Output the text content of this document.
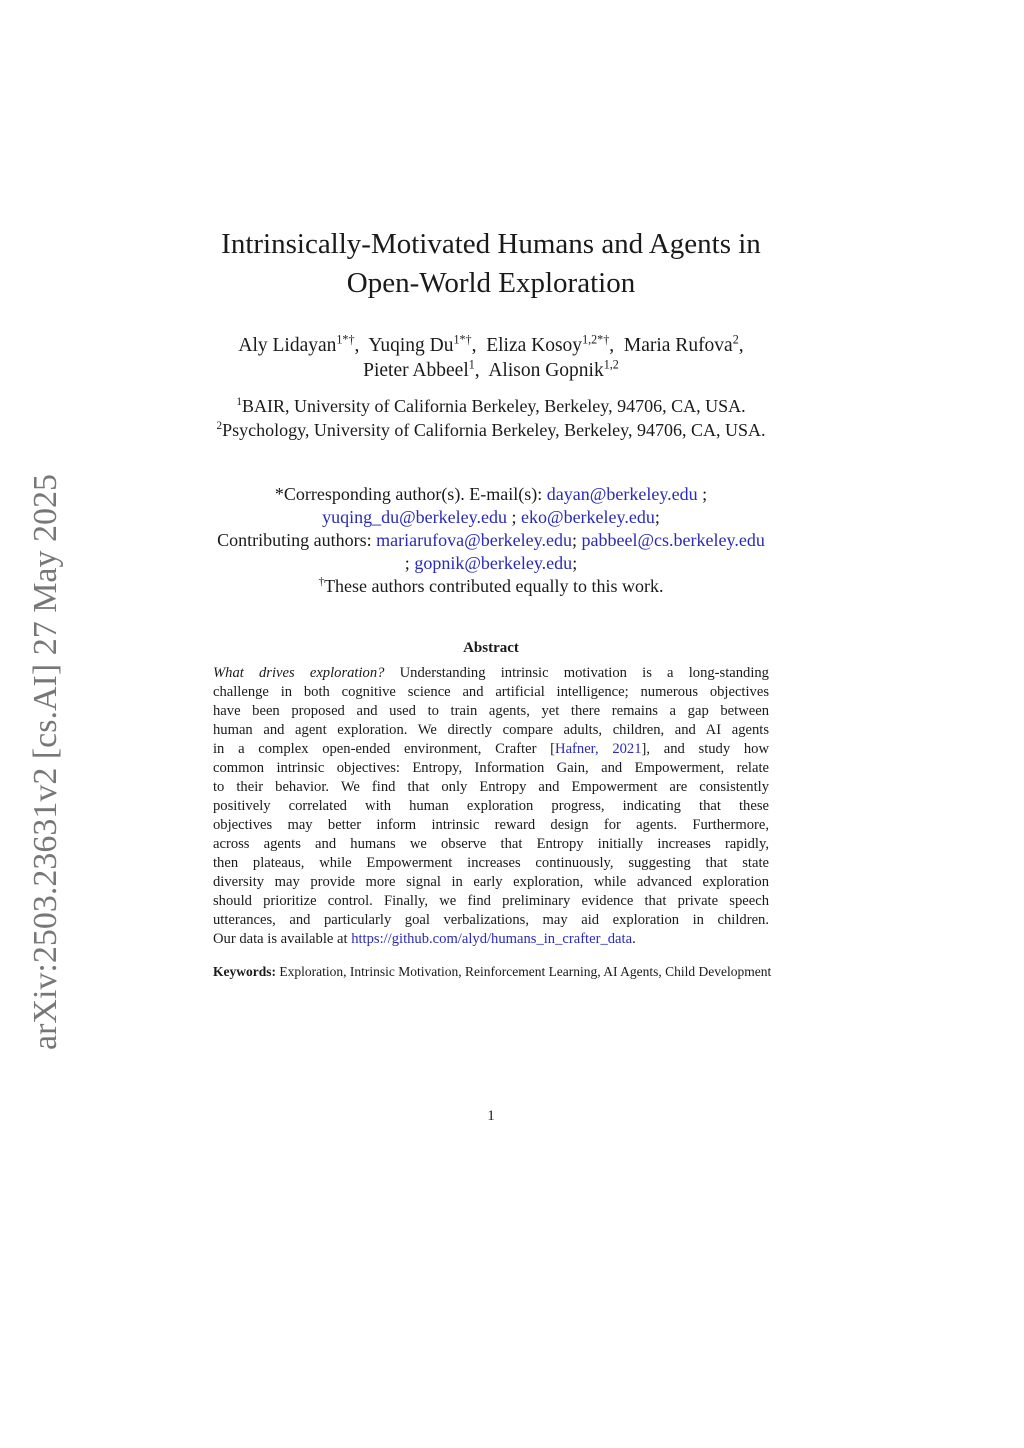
arXiv:2503.23631v2 [cs.AI] 27 May 2025
Intrinsically-Motivated Humans and Agents in
Open-World Exploration
Aly Lidayan$^{1*\dagger}$,  Yuqing $Du^{1*\dagger}$,  Eliza Kosoy$^{1,2*\dagger}$,  Maria Rufova$^2$,
Pieter Abbeel$^1$,  Alison Gopnik$^{1,2}$
$^1$BAIR, University of California Berkeley, Berkeley, 94706, CA, USA.
$^2$Psychology, University of California Berkeley, Berkeley, 94706, CA, USA.
*Corresponding author(s). E-mail(s): dayan@berkeley.edu ;
yuqing_du@berkeley.edu ; eko@berkeley.edu;
Contributing authors: mariarufova@berkeley.edu; pabbeel@cs.berkeley.edu
; gopnik@berkeley.edu;
†These authors contributed equally to this work.
Abstract
What drives exploration? Understanding intrinsic motivation is a long-standing
challenge in both cognitive science and artificial intelligence; numerous objectives
have been proposed and used to train agents, yet there remains a gap between
human and agent exploration. We directly compare adults, children, and AI agents
in a complex open-ended environment, Crafter [Hafner, 2021], and study how
common intrinsic objectives: Entropy, Information Gain, and Empowerment, relate
to their behavior. We find that only Entropy and Empowerment are consistently
positively correlated with human exploration progress, indicating that these
objectives may better inform intrinsic reward design for agents. Furthermore,
across agents and humans we observe that Entropy initially increases rapidly,
then plateaus, while Empowerment increases continuously, suggesting that state
diversity may provide more signal in early exploration, while advanced exploration
should prioritize control. Finally, we find preliminary evidence that private speech
utterances, and particularly goal verbalizations, may aid exploration in children.
Our data is available at https://github.com/alyd/humans_in_crafter_data.
Keywords: Exploration, Intrinsic Motivation, Reinforcement Learning, AI Agents, Child Development
1
